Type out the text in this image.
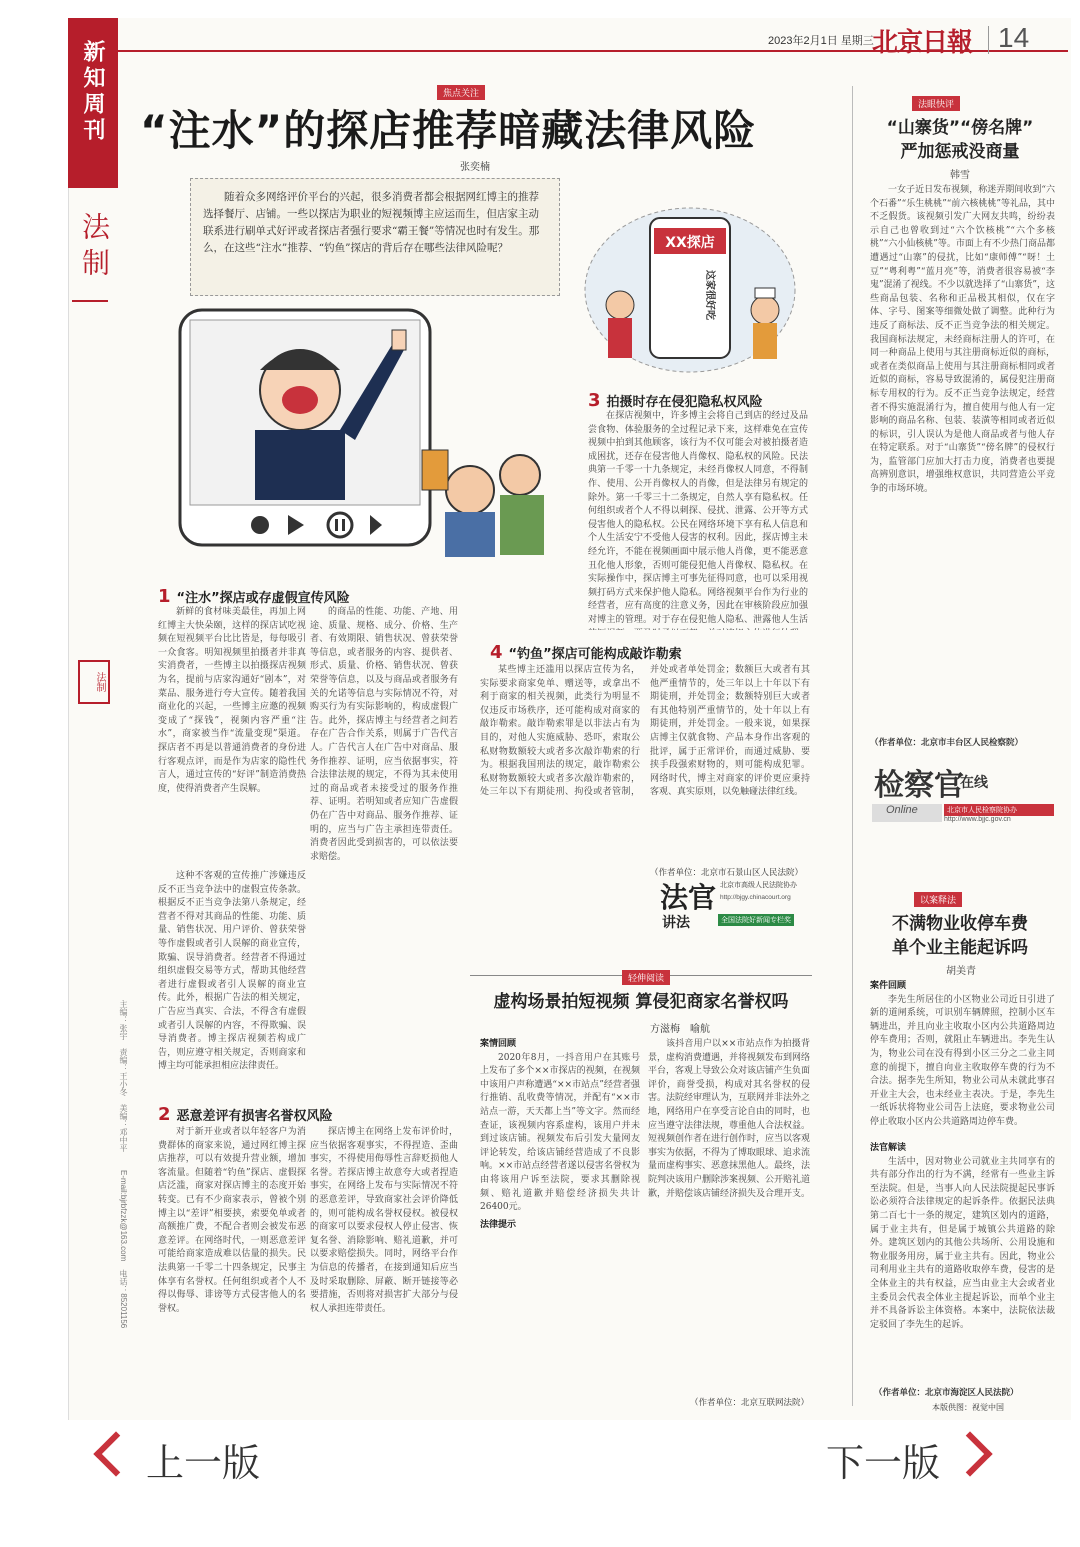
新知周刊
法制
2023年2月1日 星期三
北京日報 14
焦点关注
“注水”的探店推荐暗藏法律风险
张奕楠
随着众多网络评价平台的兴起，很多消费者都会根据网红博主的推荐选择餐厅、店铺。一些以探店为职业的短视频博主应运而生，但店家主动联系进行刷单式好评或者探店者强行要求“霸王餐”等情况也时有发生。那么，在这些“注水”推荐、“钓鱼”探店的背后存在哪些法律风险呢？	XX探店
这家很好吃
3 拍摄时存在侵犯隐私权风险

在探店视频中，许多博主会将自己到店的经过及品尝食物、体验服务的全过程记录下来，这样难免在宣传视频中拍到其他顾客，该行为不仅可能会对被拍摄者造成困扰，还存在侵害他人肖像权、隐私权的风险。民法典第一千零一十九条规定，未经肖像权人同意，不得制作、使用、公开肖像权人的肖像，但是法律另有规定的除外。第一千零三十二条规定，自然人享有隐私权。任何组织或者个人不得以刺探、侵扰、泄露、公开等方式侵害他人的隐私权。公民在网络环境下享有私人信息和个人生活安宁不受他人侵害的权利。因此，探店博主未经允许，不能在视频画面中展示他人肖像，更不能恶意丑化他人形象，否则可能侵犯他人肖像权、隐私权。在实际操作中，探店博主可事先征得同意，也可以采用视频打码方式来保护他人隐私。网络视频平台作为行业的经营者，应有高度的注意义务，因此在审核阶段应加强对博主的管理。对于存在侵犯他人隐私、泄露他人生活

1 “注水”探店或存虚假宣传风险

新鲜的食材味美最佳，再加上网红博主大快朵颐，这样的探店试吃视频在短视频平台比比皆是，每每吸引一众食客。明知视频里拍摄者并非真实消费者，一些博主以拍摄探店视频为名，提前与店家沟通好“剧本”，对菜品、服务进行夸大宣传。随着我国商业化的兴起，一些博主应邀的视频变成了“探钱”，视频内容严重“注水”，商家被当作“流量变现”渠道。探店者不再是以普通消费者的身份进行客观点评，而是作为店家的隐性代言人，通过宣传的“好评”制造消费热度，使得消费者产生误解。

这种不客观的宣传推广涉嫌违反反不正当竞争法中的虚假宣传条款。根据反不正当竞争法第八条规定，经营者不得对其商品的性能、功能、质量、销售状况、用户评价、曾获荣誉等作虚假或者引人误解的商业宣传，欺骗、误导消费者。经营者不得通过组织虚假交易等方式，帮助其他经营者进行虚假或者引人误解的商业宣传。此外，根据广告法的相关规定，广告应当真实、合法，不得含有虚假或者引人误解的内容，不得欺骗、误导消费者。博主探店视频若构成广告，则应遵守相关规定，否则商家和博主均可能承担相应法律责任。

的商品的性能、功能、产地、用途、质量、规格、成分、价格、生产者、有效期限、销售状况、曾获荣誉等信息，或者服务的内容、提供者、形式、质量、价格、销售状况、曾获荣誉等信息，以及与商品或者服务有关的允诺等信息与实际情况不符，对购买行为有实际影响的，构成虚假广告。此外，探店博主与经营者之间若存在广告合作关系，则属于广告代言人。广告代言人在广告中对商品、服务作推荐、证明，应当依据事实，符合法律法规的规定，不得为其未使用过的商品或者未接受过的服务作推荐、证明。若明知或者应知广告虚假仍在广告中对商品、服务作推荐、证明的，应当与广告主承担连带责任。消费者因此受到损害的，可以依法要求赔偿。

4 “钓鱼”探店可能构成敲诈勒索

某些博主还滥用以探店宣传为名，实际要求商家免单、赠送等，或拿出不利于商家的相关视频，此类行为明显不仅违反市场秩序，还可能构成对商家的敲诈勒索。敲诈勒索罪是以非法占有为目的，对他人实施威胁、恐吓，索取公私财物数额较大或者多次敲诈勒索的行为。根据我国刑法的规定，敲诈勒索公私财物数额较大或者多次敲诈勒索的，处三年以下有期徒刑、拘役或者管制，并处或者单处罚金；数额巨大或者有其他严重情节的，处三年以上十年以下有期徒刑，并处罚金；数额特别巨大或者有其他特别严重情节的，处十年以上有期徒刑，并处罚金。一般来说，如果探店博主仅就食物、产品本身作出客观的批评，属于正常评价，而通过威胁、要挟手段强索财物的，则可能构成犯罪。网络时代，博主对商家的评价更应秉持客观、真实原则，以免触碰法律红线。

（作者单位：北京市石景山区人民法院）
法官
讲法
北京市高级人民法院协办
http://bjgy.chinacourt.org
全国法院好新闻专栏奖
2 恶意差评有损害名誉权风险

对于新开业或者以年轻客户为消费群体的商家来说，通过网红博主探店推荐，可以有效提升营业额，增加客流量。但随着“钓鱼”探店、虚假探店泛滥，商家对探店博主的态度开始转变。已有不少商家表示，曾被个别博主以“差评”相要挟，索要免单或者高额推广费，不配合者则会被发布恶意差评。在网络时代，一则恶意差评可能给商家造成难以估量的损失。民法典第一千零二十四条规定，民事主体享有名誉权。任何组织或者个人不得以侮辱、诽谤等方式侵害他人的名誉权。

探店博主在网络上发布评价时，应当依据客观事实，不得捏造、歪曲事实，不得使用侮辱性言辞贬损他人名誉。若探店博主故意夸大或者捏造事实，在网络上发布与实际情况不符的恶意差评，导致商家社会评价降低的，则可能构成名誉权侵权。被侵权的商家可以要求侵权人停止侵害、恢复名誉、消除影响、赔礼道歉，并可以要求赔偿损失。同时，网络平台作为信息的传播者，在接到通知后应当及时采取删除、屏蔽、断开链接等必要措施，否则将对损害扩大部分与侵权人承担连带责任。

轻伸阅读
虚构场景拍短视频 算侵犯商家名誉权吗
方滋梅　喻航
案情回顾

2020年8月，一抖音用户在其账号上发布了多个××市探店的视频，在视频中该用户声称遭遇“××市站点”经营者强行推销、乱收费等情况，并配有“××市站点一游，天天都上当”等文字。然而经查证，该视频内容系虚构，该用户并未到过该店铺。视频发布后引发大量网友评论转发，给该店铺经营造成了不良影响。××市站点经营者遂以侵害名誉权为由将该用户诉至法院，要求其删除视频、赔礼道歉并赔偿经济损失共计26400元。

法律提示

该抖音用户以××市站点作为拍摄背景，虚构消费遭遇，并将视频发布到网络平台，客观上导致公众对该店铺产生负面评价，商誉受损，构成对其名誉权的侵害。法院经审理认为，互联网并非法外之地，网络用户在享受言论自由的同时，也应当遵守法律法规，尊重他人合法权益。短视频创作者在进行创作时，应当以客观事实为依据，不得为了博取眼球、追求流量而虚构事实、恶意抹黑他人。最终，法院判决该用户删除涉案视频、公开赔礼道歉，并赔偿该店铺经济损失及合理开支。

（作者单位：北京互联网法院）
法眼快评
“山寨货”“傍名牌”
严加惩戒没商量
韩雪

一女子近日发布视频，称迷弄期间收到“六个石番”“乐生桃桃”“前六核桃桃”等礼品，其中不乏假货。该视频引发广大网友共鸣，纷纷表示自己也曾收到过“六个饮核桃”“六个多核桃”“六小仙核桃”等。市面上有不少热门商品都遭遇过“山寨”的侵扰，比如“康师傅”“呀！土豆”“粤利粤”“蓝月亮”等，消费者很容易被“李鬼”混淆了视线。不少以就选择了“山寨货”，这些商品包装、名称和正品极其相似，仅在字体、字号、图案等细微处做了调整。此种行为违反了商标法、反不正当竞争法的相关规定。我国商标法规定，未经商标注册人的许可，在同一种商品上使用与其注册商标近似的商标，或者在类似商品上使用与其注册商标相同或者近似的商标，容易导致混淆的，属侵犯注册商标专用权的行为。反不正当竞争法规定，经营者不得实施混淆行为，擅自使用与他人有一定影响的商品名称、包装、装潢等相同或者近似的标识，引人误认为是他人商品或者与他人存在特定联系。对于“山寨货”“傍名牌”的侵权行为，监管部门应加大打击力度，消费者也要提高辨别意识，增强维权意识，共同营造公平竞争的市场环境。

（作者单位：北京市丰台区人民检察院）
检察官
在线
Online	北京市人民检察院协办
http://www.bjjc.gov.cn
以案释法
不满物业收停车费
单个业主能起诉吗
胡美青
案件回顾

李先生所居住的小区物业公司近日引进了新的道闸系统，可识别车辆牌照，控制小区车辆进出，并且向业主收取小区内公共道路周边停车费用；否则，就阻止车辆进出。李先生认为，物业公司在没有得到小区三分之二业主同意的前提下，擅自向业主收取停车费的行为不合法。据李先生所知，物业公司从未就此事召开业主大会，也未经业主表决。于是，李先生一纸诉状将物业公司告上法庭，要求物业公司停止收取小区内公共道路周边停车费。

法官解读

生活中，因对物业公司就业主共同享有的共有部分作出的行为不满，经常有一些业主诉至法院。但是，当事人向人民法院提起民事诉讼必须符合法律规定的起诉条件。依据民法典第二百七十一条的规定，建筑区划内的道路，属于业主共有，但是属于城镇公共道路的除外。建筑区划内的其他公共场所、公用设施和物业服务用房，属于业主共有。因此，物业公司利用业主共有的道路收取停车费，侵害的是全体业主的共有权益，应当由业主大会或者业主委员会代表全体业主提起诉讼，而单个业主并不具备诉讼主体资格。本案中，法院依法裁定驳回了李先生的起诉。

（作者单位：北京市海淀区人民法院）
本版供图：视觉中国
法制
主编：张宇　责编：王小冬　美编：邓中平
E-mail:bjrbfzzk@163.com　电话：85201156
上一版	下一版
